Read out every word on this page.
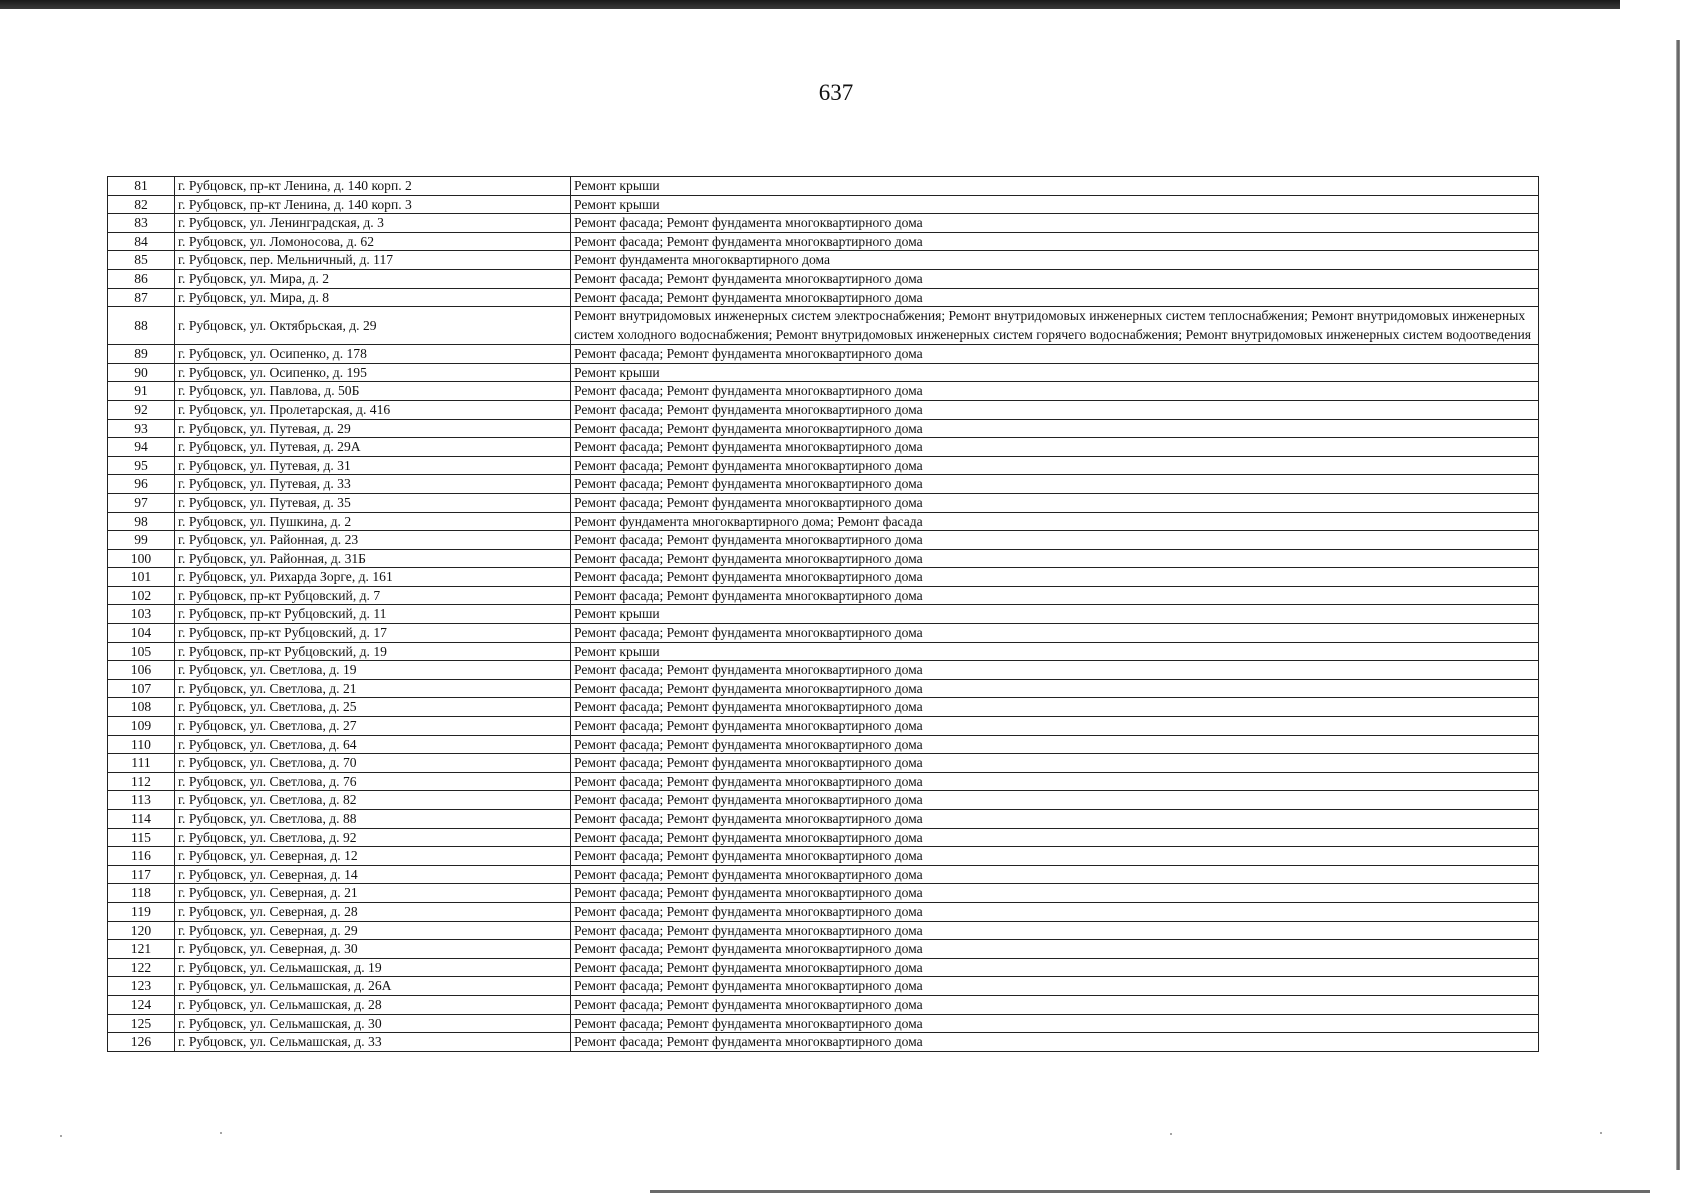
637
81	г. Рубцовск, пр-кт Ленина, д. 140 корп. 2	Ремонт крыши
82	г. Рубцовск, пр-кт Ленина, д. 140 корп. 3	Ремонт крыши
83	г. Рубцовск, ул. Ленинградская, д. 3	Ремонт фасада; Ремонт фундамента многоквартирного дома
84	г. Рубцовск, ул. Ломоносова, д. 62	Ремонт фасада; Ремонт фундамента многоквартирного дома
85	г. Рубцовск, пер. Мельничный, д. 117	Ремонт фундамента многоквартирного дома
86	г. Рубцовск, ул. Мира, д. 2	Ремонт фасада; Ремонт фундамента многоквартирного дома
87	г. Рубцовск, ул. Мира, д. 8	Ремонт фасада; Ремонт фундамента многоквартирного дома
88	г. Рубцовск, ул. Октябрьская, д. 29	Ремонт внутридомовых инженерных систем электроснабжения; Ремонт внутридомовых инженерных систем теплоснабжения; Ремонт внутридомовых инженерных систем холодного водоснабжения; Ремонт внутридомовых инженерных систем горячего водоснабжения; Ремонт внутридомовых инженерных систем водоотведения
89	г. Рубцовск, ул. Осипенко, д. 178	Ремонт фасада; Ремонт фундамента многоквартирного дома
90	г. Рубцовск, ул. Осипенко, д. 195	Ремонт крыши
91	г. Рубцовск, ул. Павлова, д. 50Б	Ремонт фасада; Ремонт фундамента многоквартирного дома
92	г. Рубцовск, ул. Пролетарская, д. 416	Ремонт фасада; Ремонт фундамента многоквартирного дома
93	г. Рубцовск, ул. Путевая, д. 29	Ремонт фасада; Ремонт фундамента многоквартирного дома
94	г. Рубцовск, ул. Путевая, д. 29А	Ремонт фасада; Ремонт фундамента многоквартирного дома
95	г. Рубцовск, ул. Путевая, д. 31	Ремонт фасада; Ремонт фундамента многоквартирного дома
96	г. Рубцовск, ул. Путевая, д. 33	Ремонт фасада; Ремонт фундамента многоквартирного дома
97	г. Рубцовск, ул. Путевая, д. 35	Ремонт фасада; Ремонт фундамента многоквартирного дома
98	г. Рубцовск, ул. Пушкина, д. 2	Ремонт фундамента многоквартирного дома; Ремонт фасада
99	г. Рубцовск, ул. Районная, д. 23	Ремонт фасада; Ремонт фундамента многоквартирного дома
100	г. Рубцовск, ул. Районная, д. 31Б	Ремонт фасада; Ремонт фундамента многоквартирного дома
101	г. Рубцовск, ул. Рихарда Зорге, д. 161	Ремонт фасада; Ремонт фундамента многоквартирного дома
102	г. Рубцовск, пр-кт Рубцовский, д. 7	Ремонт фасада; Ремонт фундамента многоквартирного дома
103	г. Рубцовск, пр-кт Рубцовский, д. 11	Ремонт крыши
104	г. Рубцовск, пр-кт Рубцовский, д. 17	Ремонт фасада; Ремонт фундамента многоквартирного дома
105	г. Рубцовск, пр-кт Рубцовский, д. 19	Ремонт крыши
106	г. Рубцовск, ул. Светлова, д. 19	Ремонт фасада; Ремонт фундамента многоквартирного дома
107	г. Рубцовск, ул. Светлова, д. 21	Ремонт фасада; Ремонт фундамента многоквартирного дома
108	г. Рубцовск, ул. Светлова, д. 25	Ремонт фасада; Ремонт фундамента многоквартирного дома
109	г. Рубцовск, ул. Светлова, д. 27	Ремонт фасада; Ремонт фундамента многоквартирного дома
110	г. Рубцовск, ул. Светлова, д. 64	Ремонт фасада; Ремонт фундамента многоквартирного дома
111	г. Рубцовск, ул. Светлова, д. 70	Ремонт фасада; Ремонт фундамента многоквартирного дома
112	г. Рубцовск, ул. Светлова, д. 76	Ремонт фасада; Ремонт фундамента многоквартирного дома
113	г. Рубцовск, ул. Светлова, д. 82	Ремонт фасада; Ремонт фундамента многоквартирного дома
114	г. Рубцовск, ул. Светлова, д. 88	Ремонт фасада; Ремонт фундамента многоквартирного дома
115	г. Рубцовск, ул. Светлова, д. 92	Ремонт фасада; Ремонт фундамента многоквартирного дома
116	г. Рубцовск, ул. Северная, д. 12	Ремонт фасада; Ремонт фундамента многоквартирного дома
117	г. Рубцовск, ул. Северная, д. 14	Ремонт фасада; Ремонт фундамента многоквартирного дома
118	г. Рубцовск, ул. Северная, д. 21	Ремонт фасада; Ремонт фундамента многоквартирного дома
119	г. Рубцовск, ул. Северная, д. 28	Ремонт фасада; Ремонт фундамента многоквартирного дома
120	г. Рубцовск, ул. Северная, д. 29	Ремонт фасада; Ремонт фундамента многоквартирного дома
121	г. Рубцовск, ул. Северная, д. 30	Ремонт фасада; Ремонт фундамента многоквартирного дома
122	г. Рубцовск, ул. Сельмашская, д. 19	Ремонт фасада; Ремонт фундамента многоквартирного дома
123	г. Рубцовск, ул. Сельмашская, д. 26А	Ремонт фасада; Ремонт фундамента многоквартирного дома
124	г. Рубцовск, ул. Сельмашская, д. 28	Ремонт фасада; Ремонт фундамента многоквартирного дома
125	г. Рубцовск, ул. Сельмашская, д. 30	Ремонт фасада; Ремонт фундамента многоквартирного дома
126	г. Рубцовск, ул. Сельмашская, д. 33	Ремонт фасада; Ремонт фундамента многоквартирного дома
